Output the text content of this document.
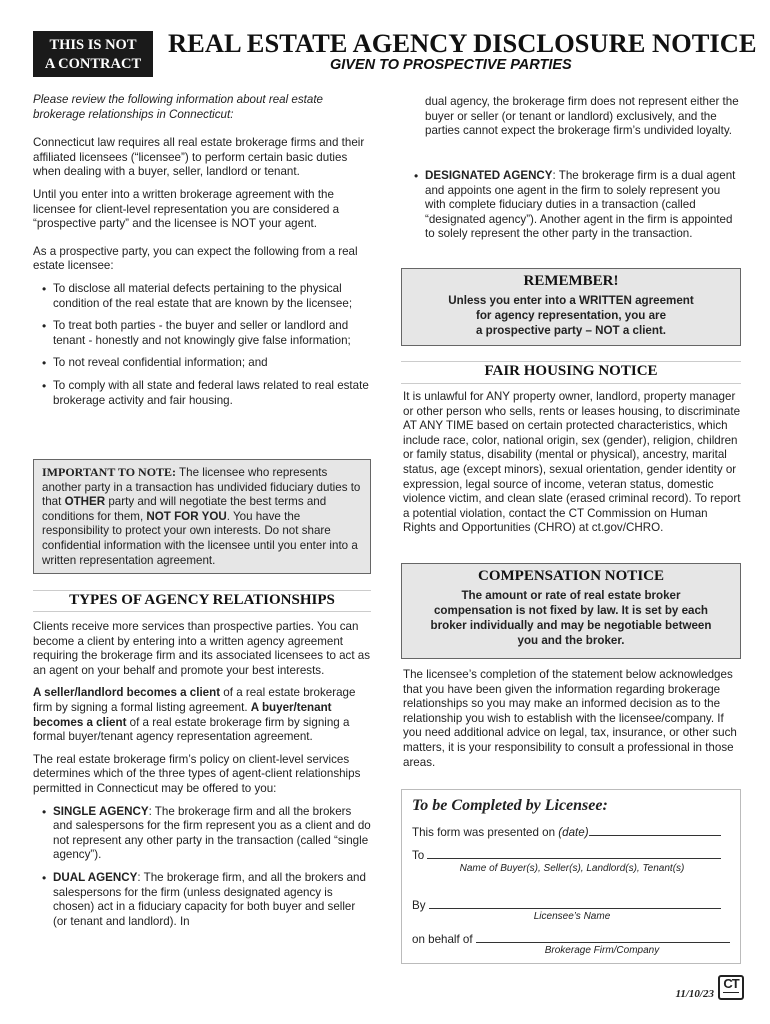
THIS IS NOT
A CONTRACT
REAL ESTATE AGENCY DISCLOSURE NOTICE
GIVEN TO PROSPECTIVE PARTIES

Please review the following information about real estate

brokerage relationships in Connecticut:

Connecticut law requires all real estate brokerage firms and their affiliated licensees (“licensee”) to perform certain basic duties when dealing with a buyer, seller, landlord or tenant.

Until you enter into a written brokerage agreement with the licensee for client-level representation you are considered a “prospective party” and the licensee is NOT your agent.

As a prospective party, you can expect the following from a real estate licensee:

• To disclose all material defects pertaining to the physical condition of the real estate that are known by the licensee;
• To treat both parties - the buyer and seller or landlord and tenant - honestly and not knowingly give false information;
• To not reveal confidential information; and
• To comply with all state and federal laws related to real estate brokerage activity and fair housing.
IMPORTANT TO NOTE: The licensee who represents another party in a transaction has undivided fiduciary duties to that OTHER party and will negotiate the best terms and conditions for them, NOT FOR YOU. You have the responsibility to protect your own interests. Do not share confidential information with the licensee until you enter into a written representation agreement.
TYPES OF AGENCY RELATIONSHIPS

Clients receive more services than prospective parties. You can become a client by entering into a written agency agreement requiring the brokerage firm and its associated licensees to act as an agent on your behalf and promote your best interests.

A seller/landlord becomes a client of a real estate brokerage firm by signing a formal listing agreement. A buyer/tenant becomes a client of a real estate brokerage firm by signing a formal buyer/tenant agency representation agreement.

The real estate brokerage firm’s policy on client-level services determines which of the three types of agent-client relationships permitted in Connecticut may be offered to you:

• SINGLE AGENCY: The brokerage firm and all the brokers and salespersons for the firm represent you as a client and do not represent any other party in the transaction (called “single agency”).
• DUAL AGENCY: The brokerage firm, and all the brokers and salespersons for the firm (unless designated agency is chosen) act in a fiduciary capacity for both buyer and seller (or tenant and landlord). In
dual agency, the brokerage firm does not represent either the buyer or seller (or tenant or landlord) exclusively, and the parties cannot expect the brokerage firm’s undivided loyalty.
• DESIGNATED AGENCY: The brokerage firm is a dual agent and appoints one agent in the firm to solely represent you with complete fiduciary duties in a transaction (called “designated agency”). Another agent in the firm is appointed to solely represent the other party in the transaction.
REMEMBER!
Unless you enter into a WRITTEN agreement
for agency representation, you are
a prospective party – NOT a client.
FAIR HOUSING NOTICE
It is unlawful for ANY property owner, landlord, property manager or other person who sells, rents or leases housing, to discriminate AT ANY TIME based on certain protected characteristics, which include race, color, national origin, sex (gender), religion, children or family status, disability (mental or physical), ancestry, marital status, age (except minors), sexual orientation, gender identity or expression, legal source of income, veteran status, domestic violence victim, and clean slate (erased criminal record). To report a potential violation, contact the CT Commission on Human Rights and Opportunities (CHRO) at ct.gov/CHRO.
COMPENSATION NOTICE
The amount or rate of real estate broker
compensation is not fixed by law. It is set by each
broker individually and may be negotiable between
you and the broker.
The licensee’s completion of the statement below acknowledges that you have been given the information regarding brokerage relationships so you may make an informed decision as to the relationship you wish to establish with the licensee/company. If you need additional advice on legal, tax, insurance, or other such matters, it is your responsibility to consult a professional in those areas.
To be Completed by Licensee:
This form was presented on (date)
To
Name of Buyer(s), Seller(s), Landlord(s), Tenant(s)
By
Licensee’s Name
on behalf of
Brokerage Firm/Company
11/10/23
CT
